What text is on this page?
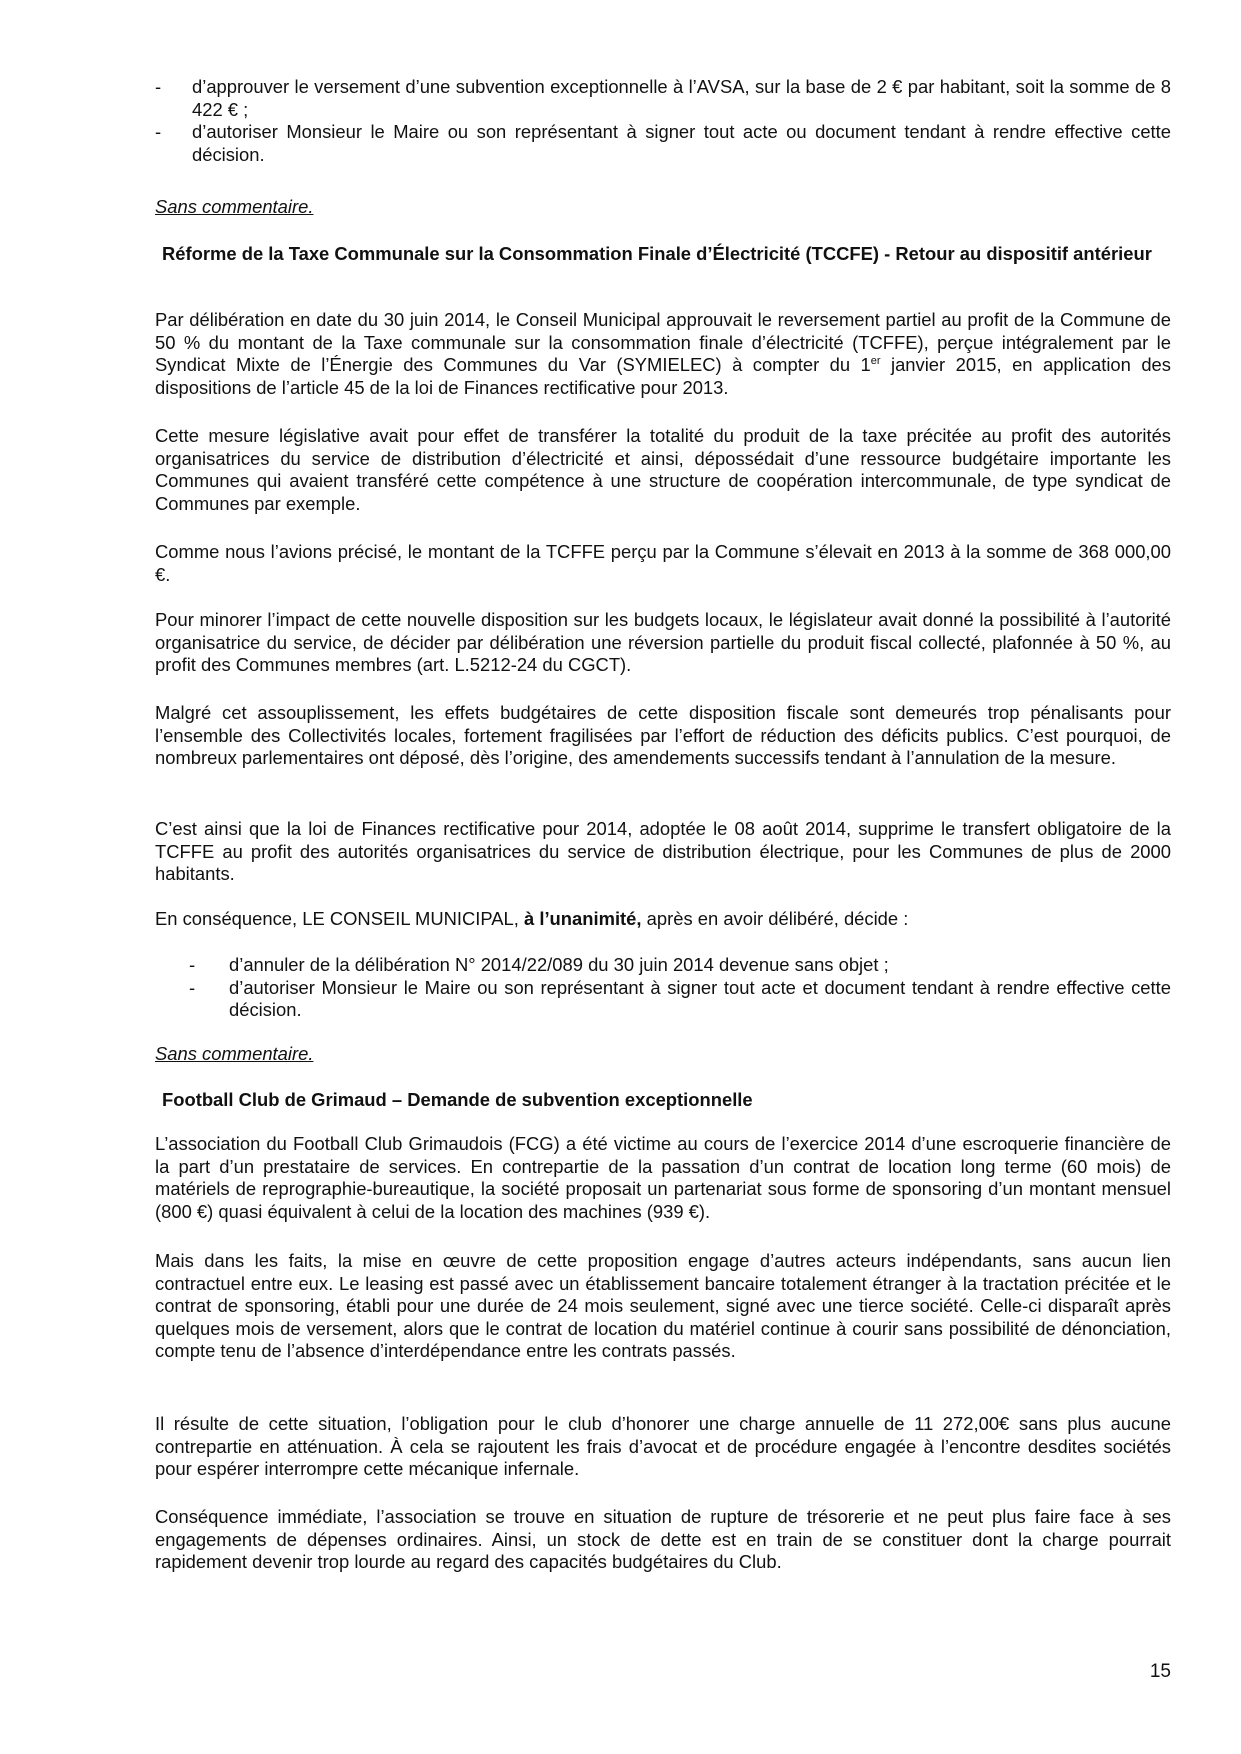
- d’approuver le versement d’une subvention exceptionnelle à l’AVSA, sur la base de 2 € par habitant, soit la somme de 8 422 € ;
- d’autoriser Monsieur le Maire ou son représentant à signer tout acte ou document tendant à rendre effective cette décision.

Sans commentaire.

Réforme de la Taxe Communale sur la Consommation Finale d’Électricité (TCCFE) - Retour au dispositif antérieur

Par délibération en date du 30 juin 2014, le Conseil Municipal approuvait le reversement partiel au profit de la Commune de 50 % du montant de la Taxe communale sur la consommation finale d’électricité (TCFFE), perçue intégralement par le Syndicat Mixte de l’Énergie des Communes du Var (SYMIELEC) à compter du 1er janvier 2015, en application des dispositions de l’article 45 de la loi de Finances rectificative pour 2013.

Cette mesure législative avait pour effet de transférer la totalité du produit de la taxe précitée au profit des autorités organisatrices du service de distribution d’électricité et ainsi, dépossédait d’une ressource budgétaire importante les Communes qui avaient transféré cette compétence à une structure de coopération intercommunale, de type syndicat de Communes par exemple.

Comme nous l’avions précisé, le montant de la TCFFE perçu par la Commune s’élevait en 2013 à la somme de 368 000,00 €.

Pour minorer l’impact de cette nouvelle disposition sur les budgets locaux, le législateur avait donné la possibilité à l’autorité organisatrice du service, de décider par délibération une réversion partielle du produit fiscal collecté, plafonnée à 50 %, au profit des Communes membres (art. L.5212-24 du CGCT).

Malgré cet assouplissement, les effets budgétaires de cette disposition fiscale sont demeurés trop pénalisants pour l’ensemble des Collectivités locales, fortement fragilisées par l’effort de réduction des déficits publics. C’est pourquoi, de nombreux parlementaires ont déposé, dès l’origine, des amendements successifs tendant à l’annulation de la mesure.

C’est ainsi que la loi de Finances rectificative pour 2014, adoptée le 08 août 2014, supprime le transfert obligatoire de la TCFFE au profit des autorités organisatrices du service de distribution électrique, pour les Communes de plus de 2000 habitants.

En conséquence, LE CONSEIL MUNICIPAL, à l’unanimité, après en avoir délibéré, décide :

- d’annuler de la délibération N° 2014/22/089 du 30 juin 2014 devenue sans objet ;
- d’autoriser Monsieur le Maire ou son représentant à signer tout acte et document tendant à rendre effective cette décision.

Sans commentaire.

Football Club de Grimaud – Demande de subvention exceptionnelle

L’association du Football Club Grimaudois (FCG) a été victime au cours de l’exercice 2014 d’une escroquerie financière de la part d’un prestataire de services. En contrepartie de la passation d’un contrat de location long terme (60 mois) de matériels de reprographie-bureautique, la société proposait un partenariat sous forme de sponsoring d’un montant mensuel (800 €) quasi équivalent à celui de la location des machines (939 €).

Mais dans les faits, la mise en œuvre de cette proposition engage d’autres acteurs indépendants, sans aucun lien contractuel entre eux. Le leasing est passé avec un établissement bancaire totalement étranger à la tractation précitée et le contrat de sponsoring, établi pour une durée de 24 mois seulement, signé avec une tierce société. Celle-ci disparaît après quelques mois de versement, alors que le contrat de location du matériel continue à courir sans possibilité de dénonciation, compte tenu de l’absence d’interdépendance entre les contrats passés.

Il résulte de cette situation, l’obligation pour le club d’honorer une charge annuelle de 11 272,00€ sans plus aucune contrepartie en atténuation. À cela se rajoutent les frais d’avocat et de procédure engagée à l’encontre desdites sociétés pour espérer interrompre cette mécanique infernale.

Conséquence immédiate, l’association se trouve en situation de rupture de trésorerie et ne peut plus faire face à ses engagements de dépenses ordinaires. Ainsi, un stock de dette est en train de se constituer dont la charge pourrait rapidement devenir trop lourde au regard des capacités budgétaires du Club.

15
